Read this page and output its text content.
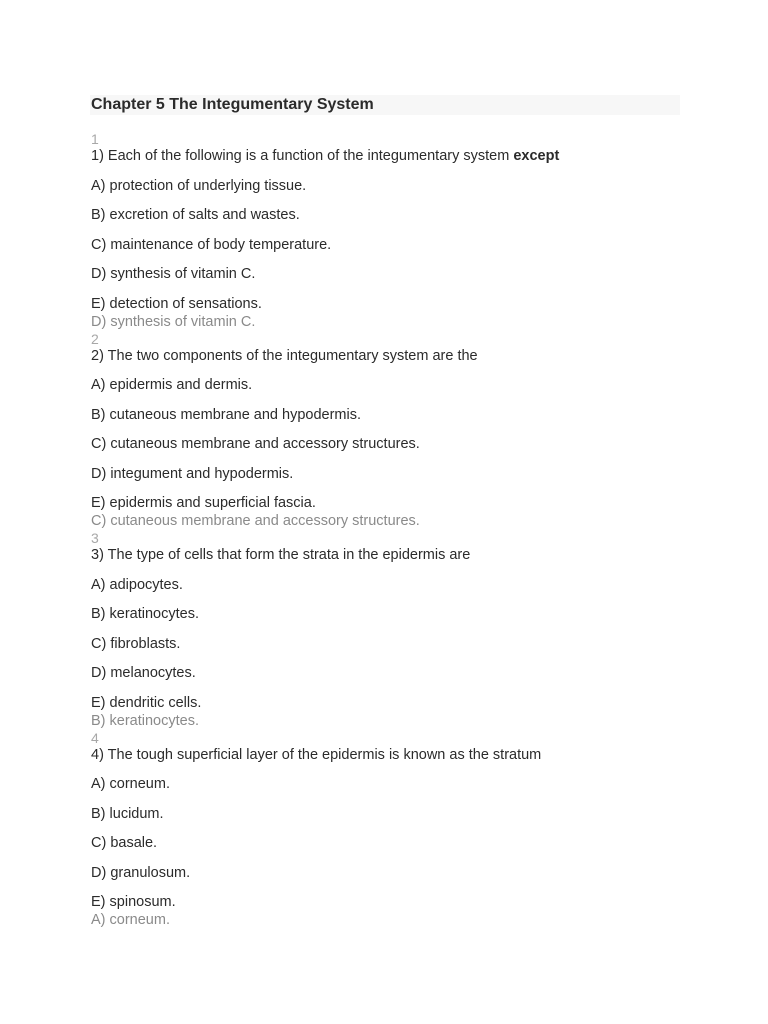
Chapter 5 The Integumentary System
1
1) Each of the following is a function of the integumentary system except
A) protection of underlying tissue.
B) excretion of salts and wastes.
C) maintenance of body temperature.
D) synthesis of vitamin C.
E) detection of sensations.
D) synthesis of vitamin C.
2
2) The two components of the integumentary system are the
A) epidermis and dermis.
B) cutaneous membrane and hypodermis.
C) cutaneous membrane and accessory structures.
D) integument and hypodermis.
E) epidermis and superficial fascia.
C) cutaneous membrane and accessory structures.
3
3) The type of cells that form the strata in the epidermis are
A) adipocytes.
B) keratinocytes.
C) fibroblasts.
D) melanocytes.
E) dendritic cells.
B) keratinocytes.
4
4) The tough superficial layer of the epidermis is known as the stratum
A) corneum.
B) lucidum.
C) basale.
D) granulosum.
E) spinosum.
A) corneum.
